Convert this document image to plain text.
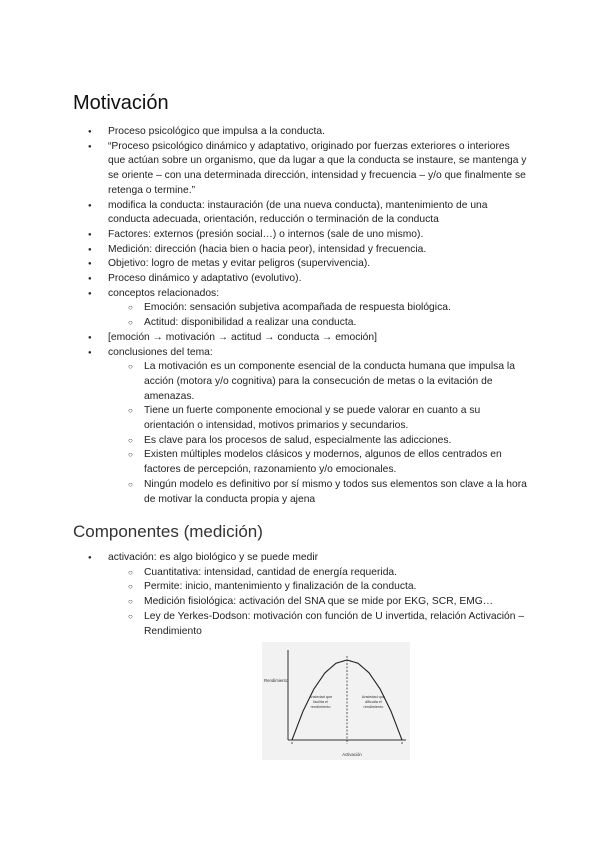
Motivación
● Proceso psicológico que impulsa a la conducta.
● “Proceso psicológico dinámico y adaptativo, originado por fuerzas exteriores o interiores que actúan sobre un organismo, que da lugar a que la conducta se instaure, se mantenga y se oriente – con una determinada dirección, intensidad y frecuencia – y/o que finalmente se retenga o termine.”
● modifica la conducta: instauración (de una nueva conducta), mantenimiento de una conducta adecuada, orientación, reducción o terminación de la conducta
● Factores: externos (presión social…) o internos (sale de uno mismo).
● Medición: dirección (hacia bien o hacia peor), intensidad y frecuencia.
● Objetivo: logro de metas y evitar peligros (supervivencia).
● Proceso dinámico y adaptativo (evolutivo).
● conceptos relacionados:
○ Emoción: sensación subjetiva acompañada de respuesta biológica.
○ Actitud: disponibilidad a realizar una conducta.
● [emoción → motivación → actitud → conducta → emoción]
● conclusiones del tema:
○ La motivación es un componente esencial de la conducta humana que impulsa la acción (motora y/o cognitiva) para la consecución de metas o la evitación de amenazas.
○ Tiene un fuerte componente emocional y se puede valorar en cuanto a su orientación o intensidad, motivos primarios y secundarios.
○ Es clave para los procesos de salud, especialmente las adicciones.
○ Existen múltiples modelos clásicos y modernos, algunos de ellos centrados en factores de percepción, razonamiento y/o emocionales.
○ Ningún modelo es definitivo por sí mismo y todos sus elementos son clave a la hora de motivar la conducta propia y ajena
Componentes (medición)
● activación: es algo biológico y se puede medir
○ Cuantitativa: intensidad, cantidad de energía requerida.
○ Permite: inicio, mantenimiento y finalización de la conducta.
○ Medición fisiológica: activación del SNA que se mide por EKG, SCR, EMG…
○ Ley de Yerkes-Dodson: motivación con función de U invertida, relación Activación – Rendimiento
Rendimiento
Activación
Ansiedad que facilita el rendimiento
Ansiedad que dificulta el rendimiento
